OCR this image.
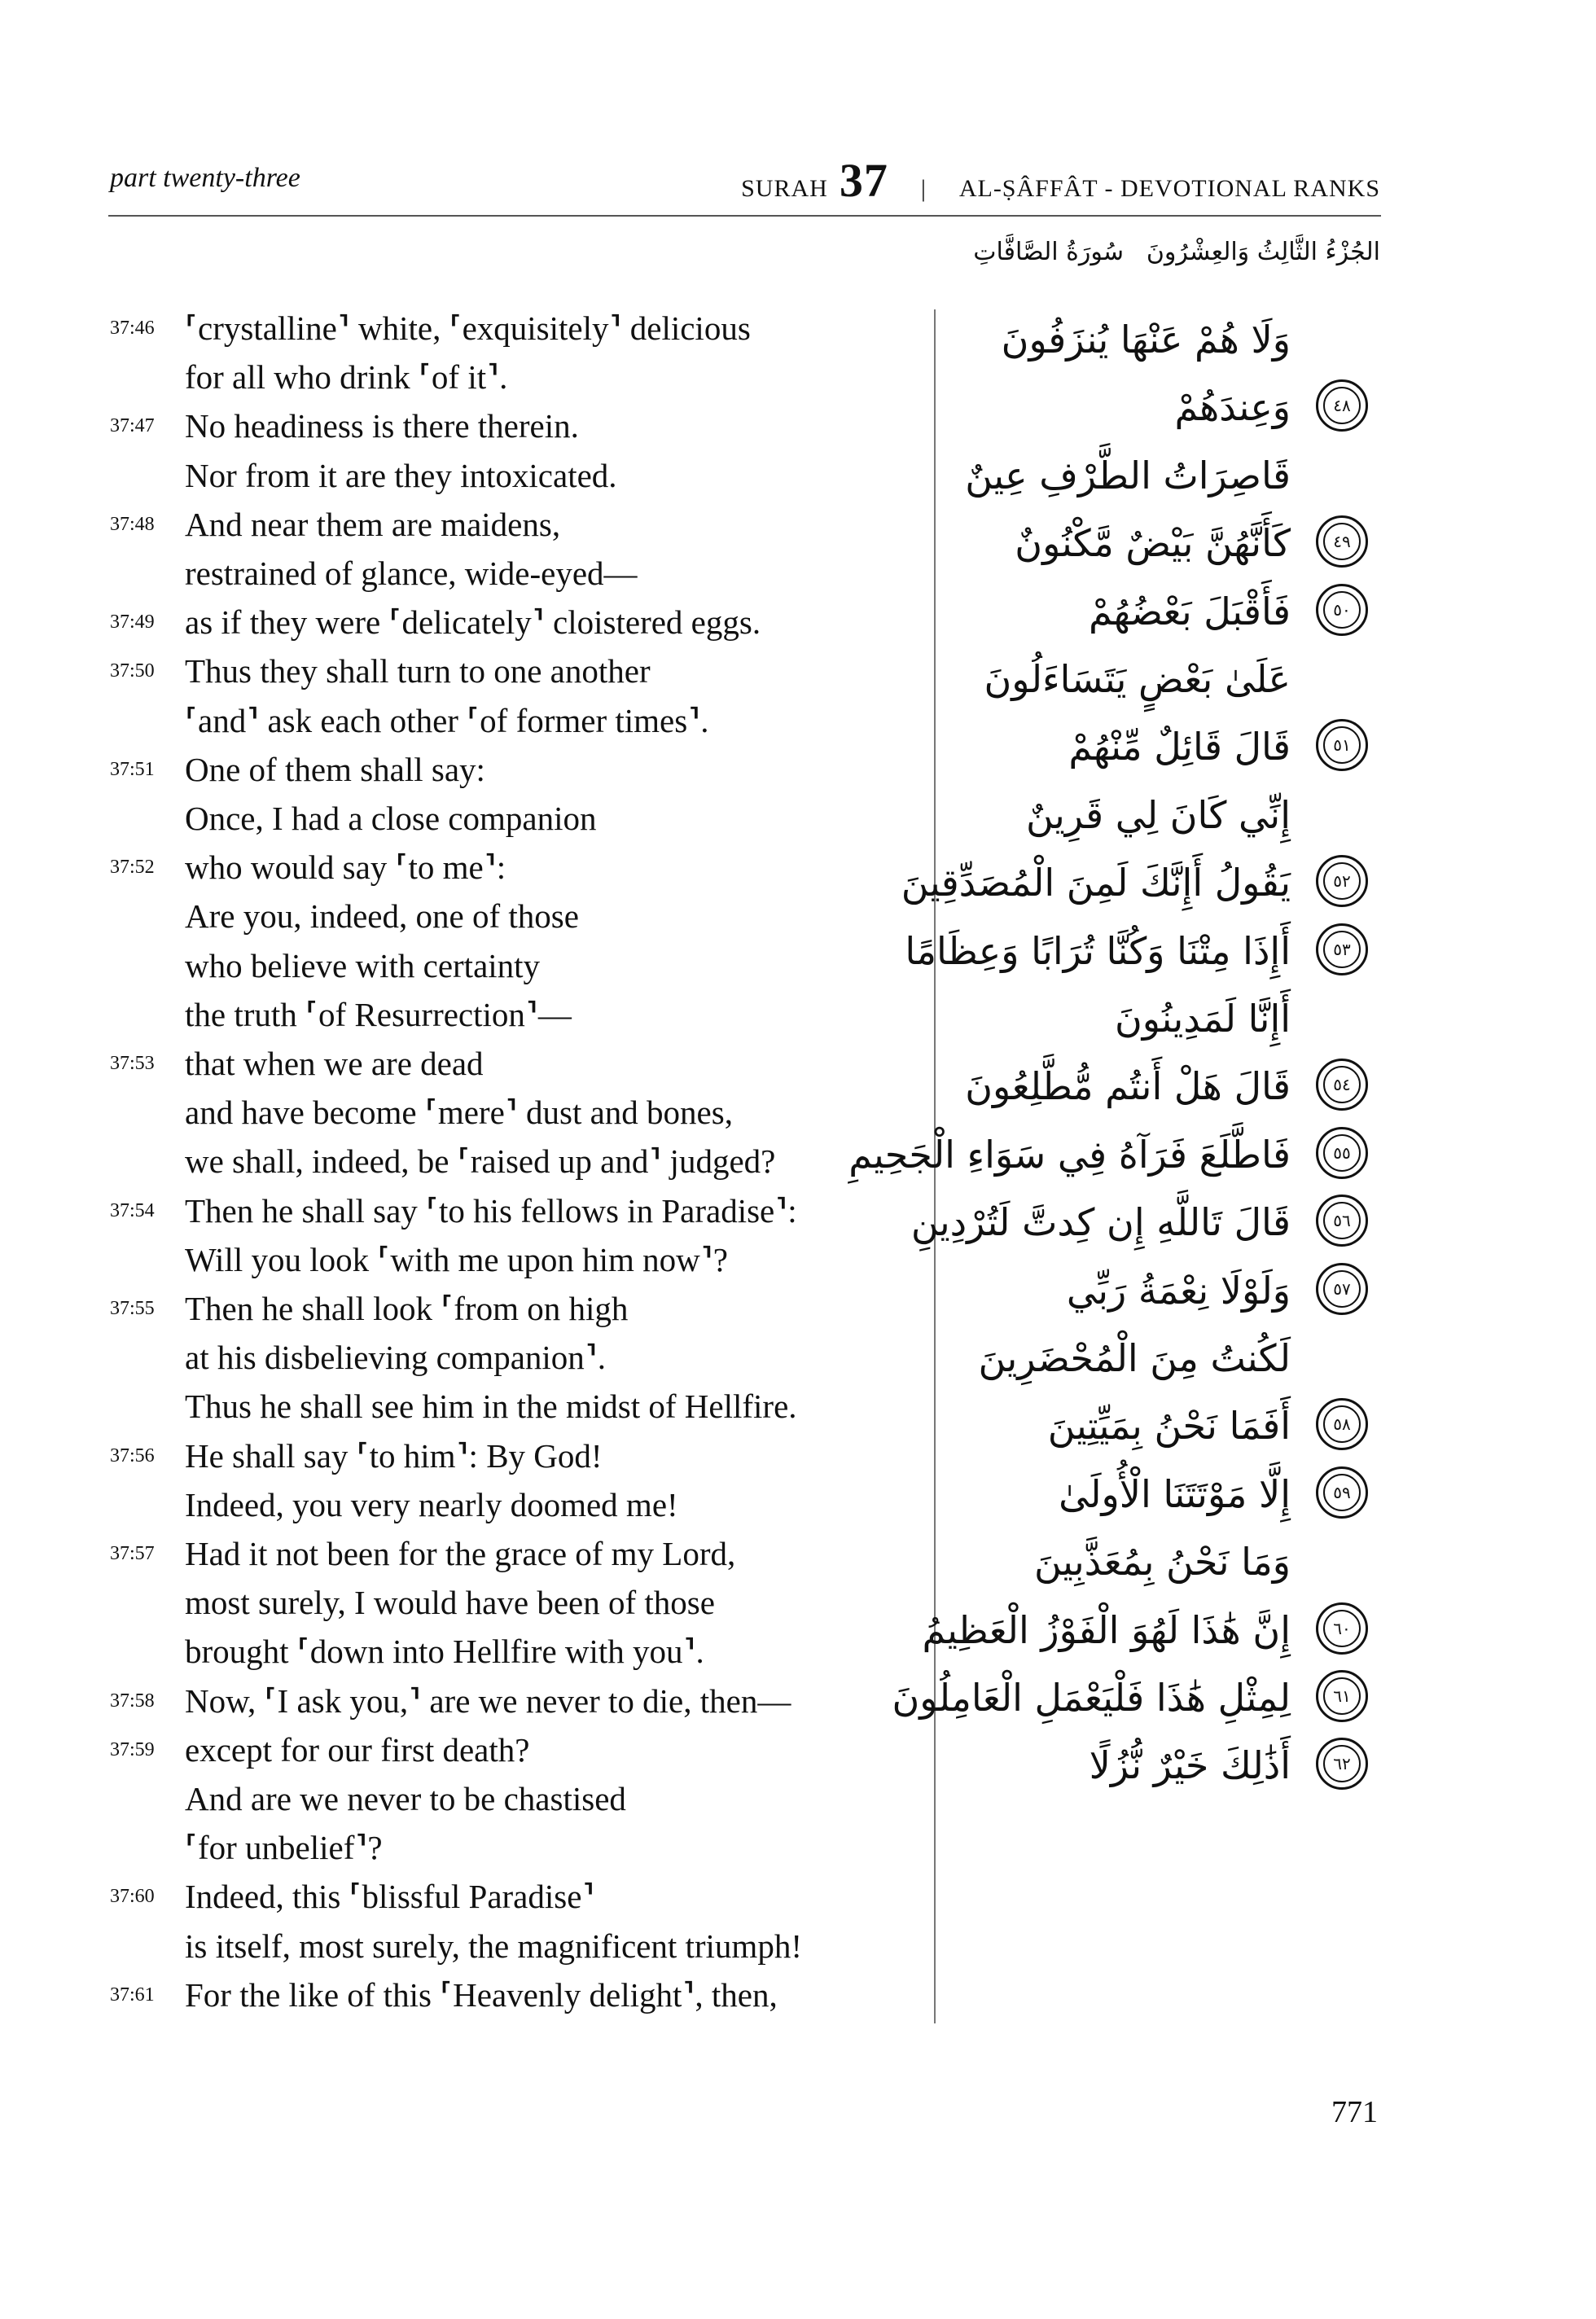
part twenty-three	SURAH 37 | AL-ṢÂFFÂT - DEVOTIONAL RANKS
الجُزْءُ الثَّالِثُ وَالعِشْرُونَ
سُورَةُ الصَّافَّاتِ
37:46 ⸢crystalline⸣ white, ⸢exquisitely⸣ delicious
for all who drink ⸢of it⸣.
37:47 No headiness is there therein.
Nor from it are they intoxicated.
37:48 And near them are maidens,
restrained of glance, wide-eyed—
37:49 as if they were ⸢delicately⸣ cloistered eggs.
37:50 Thus they shall turn to one another
⸢and⸣ ask each other ⸢of former times⸣.
37:51 One of them shall say:
Once, I had a close companion
37:52 who would say ⸢to me⸣:
Are you, indeed, one of those
who believe with certainty
the truth ⸢of Resurrection⸣—
37:53 that when we are dead
and have become ⸢mere⸣ dust and bones,
we shall, indeed, be ⸢raised up and⸣ judged?
37:54 Then he shall say ⸢to his fellows in Paradise⸣:
Will you look ⸢with me upon him now⸣?
37:55 Then he shall look ⸢from on high
at his disbelieving companion⸣.
Thus he shall see him in the midst of Hellfire.
37:56 He shall say ⸢to him⸣: By God!
Indeed, you very nearly doomed me!
37:57 Had it not been for the grace of my Lord,
most surely, I would have been of those
brought ⸢down into Hellfire with you⸣.
37:58 Now, ⸢I ask you,⸣ are we never to die, then—
37:59 except for our first death?
And are we never to be chastised
⸢for unbelief⸣?
37:60 Indeed, this ⸢blissful Paradise⸣
is itself, most surely, the magnificent triumph!
37:61 For the like of this ⸢Heavenly delight⸣, then,
وَلَا هُمْ عَنْهَا يُنزَفُونَ
وَعِندَهُمْ	٤٨
قَاصِرَاتُ الطَّرْفِ عِينٌ
كَأَنَّهُنَّ بَيْضٌ مَّكْنُونٌ	٤٩
فَأَقْبَلَ بَعْضُهُمْ	٥٠
عَلَىٰ بَعْضٍ يَتَسَاءَلُونَ
قَالَ قَائِلٌ مِّنْهُمْ	٥١
إِنِّي كَانَ لِي قَرِينٌ
يَقُولُ أَإِنَّكَ لَمِنَ الْمُصَدِّقِينَ	٥٢
أَإِذَا مِتْنَا وَكُنَّا تُرَابًا وَعِظَامًا	٥٣
أَإِنَّا لَمَدِينُونَ
قَالَ هَلْ أَنتُم مُّطَّلِعُونَ	٥٤
فَاطَّلَعَ فَرَآهُ فِي سَوَاءِ الْجَحِيمِ	٥٥
قَالَ تَاللَّهِ إِن كِدتَّ لَتُرْدِينِ	٥٦
وَلَوْلَا نِعْمَةُ رَبِّي	٥٧
لَكُنتُ مِنَ الْمُحْضَرِينَ
أَفَمَا نَحْنُ بِمَيِّتِينَ	٥٨
إِلَّا مَوْتَتَنَا الْأُولَىٰ	٥٩
وَمَا نَحْنُ بِمُعَذَّبِينَ
إِنَّ هَٰذَا لَهُوَ الْفَوْزُ الْعَظِيمُ	٦٠
لِمِثْلِ هَٰذَا فَلْيَعْمَلِ الْعَامِلُونَ	٦١
أَذَٰلِكَ خَيْرٌ نُّزُلًا	٦٢
771
